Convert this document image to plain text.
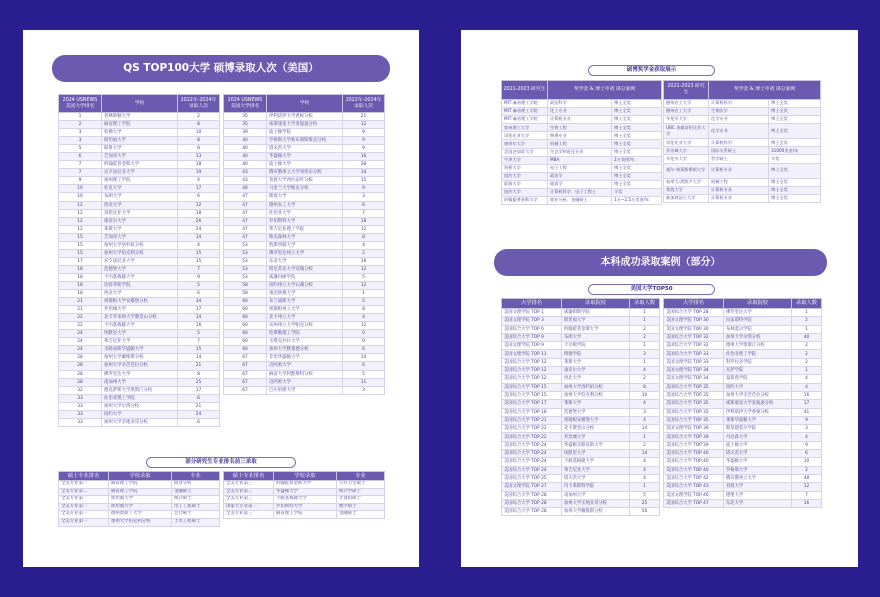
QS TOP100大学 硕博录取人次（美国）
2024 USNEWS 美国大学排名	学校	2022年-2024年 录取人次
1	普林斯顿大学	2
2	麻省理工学院	8
3	哈佛大学	10
3	斯坦福大学	8
5	耶鲁大学	8
6	芝加哥大学	13
7	约翰霍普金斯大学	18
7	宾夕法尼亚大学	19
9	加州理工学院	4
10	杜克大学	17
10	布朗大学	6
12	西北大学	12
12	哥伦比亚大学	18
12	康奈尔大学	26
12	莱斯大学	24
15	芝加哥大学	14
15	加州大学洛杉矶分校	4
15	加州大学伯克利分校	15
17	宾夕法尼亚大学	15
18	范德堡大学	7
18	卡内基梅隆大学	9
18	达特茅斯学院	5
18	西北大学	6
21	密歇根大学安娜堡分校	34
21	乔治城大学	17
22	北卡罗来纳大学教堂山分校	14
22	卡内基梅隆大学	16
24	埃默里大学	5
24	弗吉尼亚大学	7
24	圣路易斯华盛顿大学	15
28	加州大学戴维斯分校	14
28	加州大学圣芭芭拉分校	21
28	佛罗里达大学	8
28	南加州大学	25
32	德克萨斯大学奥斯汀分校	17
33	佐治亚理工学院	6
33	加州大学尔湾分校	21
33	纽约大学	24
33	加州大学圣地亚哥分校	6
2024 USNEWS 美国大学排名	学校	2022年-2024年 录取人次
35	伊利诺伊大学香槟分校	21
35	威斯康星大学麦迪逊分校	12
39	波士顿学院	9
40	罗格斯大学新布朗斯维克分校	9
40	塔夫茨大学	9
40	华盛顿大学	16
40	波士顿大学	28
43	俄亥俄州立大学哥伦布分校	14
43	普渡大学西拉法叶分校	15
46	马里兰大学帕克分校	9
47	理海大学	3
47	德州农工大学	6
47	佐治亚大学	7
47	罗切斯特大学	18
47	弗吉尼亚理工学院	12
47	维克森林大学	8
53	凯斯西储大学	4
53	佛罗里达州立大学	2
53	东北大学	16
53	明尼苏达大学双城分校	12
53	威廉玛丽学院	5
58	纽约州立大学石溪分校	12
58	康涅狄格大学	1
60	布兰迪斯大学	5
60	密歇根州立大学	8
60	北卡州立大学	4
60	宾州州立大学帕克分校	12
60	伦斯勒理工学院	0
60	圣塔克拉拉大学	0
60	加州大学默塞德分校	6
67	乔治华盛顿大学	14
67	迈阿密大学	6
67	麻省大学阿默斯特分校	5
67	迈阿密大学	11
67	巴尔的摩大学	3
部分研究生专业排名前三录取
硕士专业排名	学校录取	专业
全美专业第一	麻省理工学院	商业分析
全美专业第二	麻省理工学院	金融硕士
全美专业第一	斯坦福大学	统计硕士
全美专业第一	斯坦福大学	电子工程硕士
全美专业第一	德州奥斯丁大学	会计硕士
全美专业第一	加州大学伯克利分校	土木工程硕士
硕士专业排名	学校录取	专业
全美专业第三	约翰霍普金斯大学	公共卫生硕士
全美专业第三	华盛顿大学	统计学硕士
全美专业第三	卡耐基梅隆大学	计算机硕士
国家大专业第一	罗切斯特大学	数学硕士
全美专业第三	麻省理工学院	金融硕士
硕博奖学金获取展示
2021-2023 研究生	奖学金 & 博士申请 部分案例	
MIT 麻省理工学院	政治科学	博士全奖
MIT 麻省理工学院	化工专业	博士全奖
MIT 麻省理工学院	计算机专业	博士全奖
加州理工大学	生物工程	博士全奖
哥伦比亚大学	物理专业	博士全奖
康奈尔大学	机械工程	博士全奖
美国芝加哥大学	生态学和进化专业	博士全奖
牛津大学	MBA	2万英镑/年
剑桥大学	电子工程	博士全奖
纽约大学	政治学	博士全奖
耶鲁大学	地质学	博士全奖
纽约大学	计算机科学、电子工程士	半奖
约翰霍普金斯大学	商业分析、金融硕士	1万~2.5万美金/年
2021-2023 研究生	奖学金 & 博士申请 部分案例	
德州农工大学	计算机科学	博士全奖
德州农工大学	生物医学	博士全奖
多伦多大学	化学专业	博士全奖
UBC 英属哥伦比亚大学	化学专业	博士全奖
哥伦比亚大学	计算机科学	博士全奖
乔治城大学	国际关系硕士	31000美金/年
多伦多大学	哲学硕士	半奖
福尔-弗莱斯斯顿大学	计算机专业	博士全奖
加拿大-滑铁卢大学	机械工程	博士全奖
普渡大学	计算机专业	博士全奖
新加坡国立大学	计算机专业	博士全奖
本科成功录取案例（部分）
美国大学TOP50
大学排名	录取院校	录取人数
美国文理学院 TOP 1	威廉姆斯学院	1
美国文理学院 TOP 3	斯坦福大学	1
美国综合大学 TOP 6	约翰霍普金斯大学	2
美国综合大学 TOP 9	布朗大学	2
美国文理学院 TOP 9	卡尔顿学院	1
美国文理学院 TOP 11	明德学院	3
美国综合大学 TOP 12	莱斯大学	1
美国综合大学 TOP 12	康奈尔大学	4
美国综合大学 TOP 12	西北大学	2
美国综合大学 TOP 15	加州大学洛杉矶分校	8
美国综合大学 TOP 15	加州大学伯克利分校	10
美国综合大学 TOP 17	莱斯大学	4
美国综合大学 TOP 18	范德堡大学	3
美国综合大学 TOP 21	密歇根安娜堡大学	4
美国综合大学 TOP 22	北卡教堂山分校	14
美国综合大学 TOP 22	乔治城大学	1
美国综合大学 TOP 24	华盛顿圣路易斯大学	2
美国综合大学 TOP 24	埃默里大学	14
美国综合大学 TOP 24	卡耐基梅隆大学	4
美国综合大学 TOP 24	弗吉尼亚大学	4
美国综合大学 TOP 25	塔夫茨大学	4
美国文理学院 TOP 27	玛卡莱斯特学院	1
美国综合大学 TOP 28	南加州大学	5
美国综合大学 TOP 28	加州大学圣地亚哥分校	25
美国综合大学 TOP 28	加州大学戴维斯分校	56
大学排名	录取院校	录取人数
美国综合大学 TOP 28	佛罗里达大学	1
美国文理学院 TOP 30	拉法耶特学院	2
美国文理学院 TOP 30	布林莫尔学院	1
美国综合大学 TOP 32	加州大学尔湾分校	40
美国综合大学 TOP 32	德州大学奥斯汀分校	2
美国综合大学 TOP 33	佐治亚理工学院	2
美国文理学院 TOP 33	科罗拉多学院	2
美国文理学院 TOP 34	瓦萨学院	1
美国文理学院 TOP 34	曼荷莲学院	4
美国综合大学 TOP 35	纽约大学	4
美国综合大学 TOP 35	加州大学圣芭芭拉分校	16
美国综合大学 TOP 35	威斯康星大学麦迪逊分校	17
美国综合大学 TOP 35	伊利诺伊大学香槟分校	41
美国综合大学 TOP 35	莱斯华盛顿大学	9
美国文理学院 TOP 36	斯基德莫尔学院	3
美国综合大学 TOP 39	丹尼森大学	4
美国综合大学 TOP 39	波士顿大学	9
美国综合大学 TOP 40	塔夫茨大学	6
美国综合大学 TOP 40	华盛顿大学	10
美国综合大学 TOP 40	罗格斯大学	2
美国综合大学 TOP 42	俄亥俄州立大学	48
美国综合大学 TOP 43	普渡大学	12
美国文理学院 TOP 46	德堡大学	7
美国综合大学 TOP 47	东北大学	16
